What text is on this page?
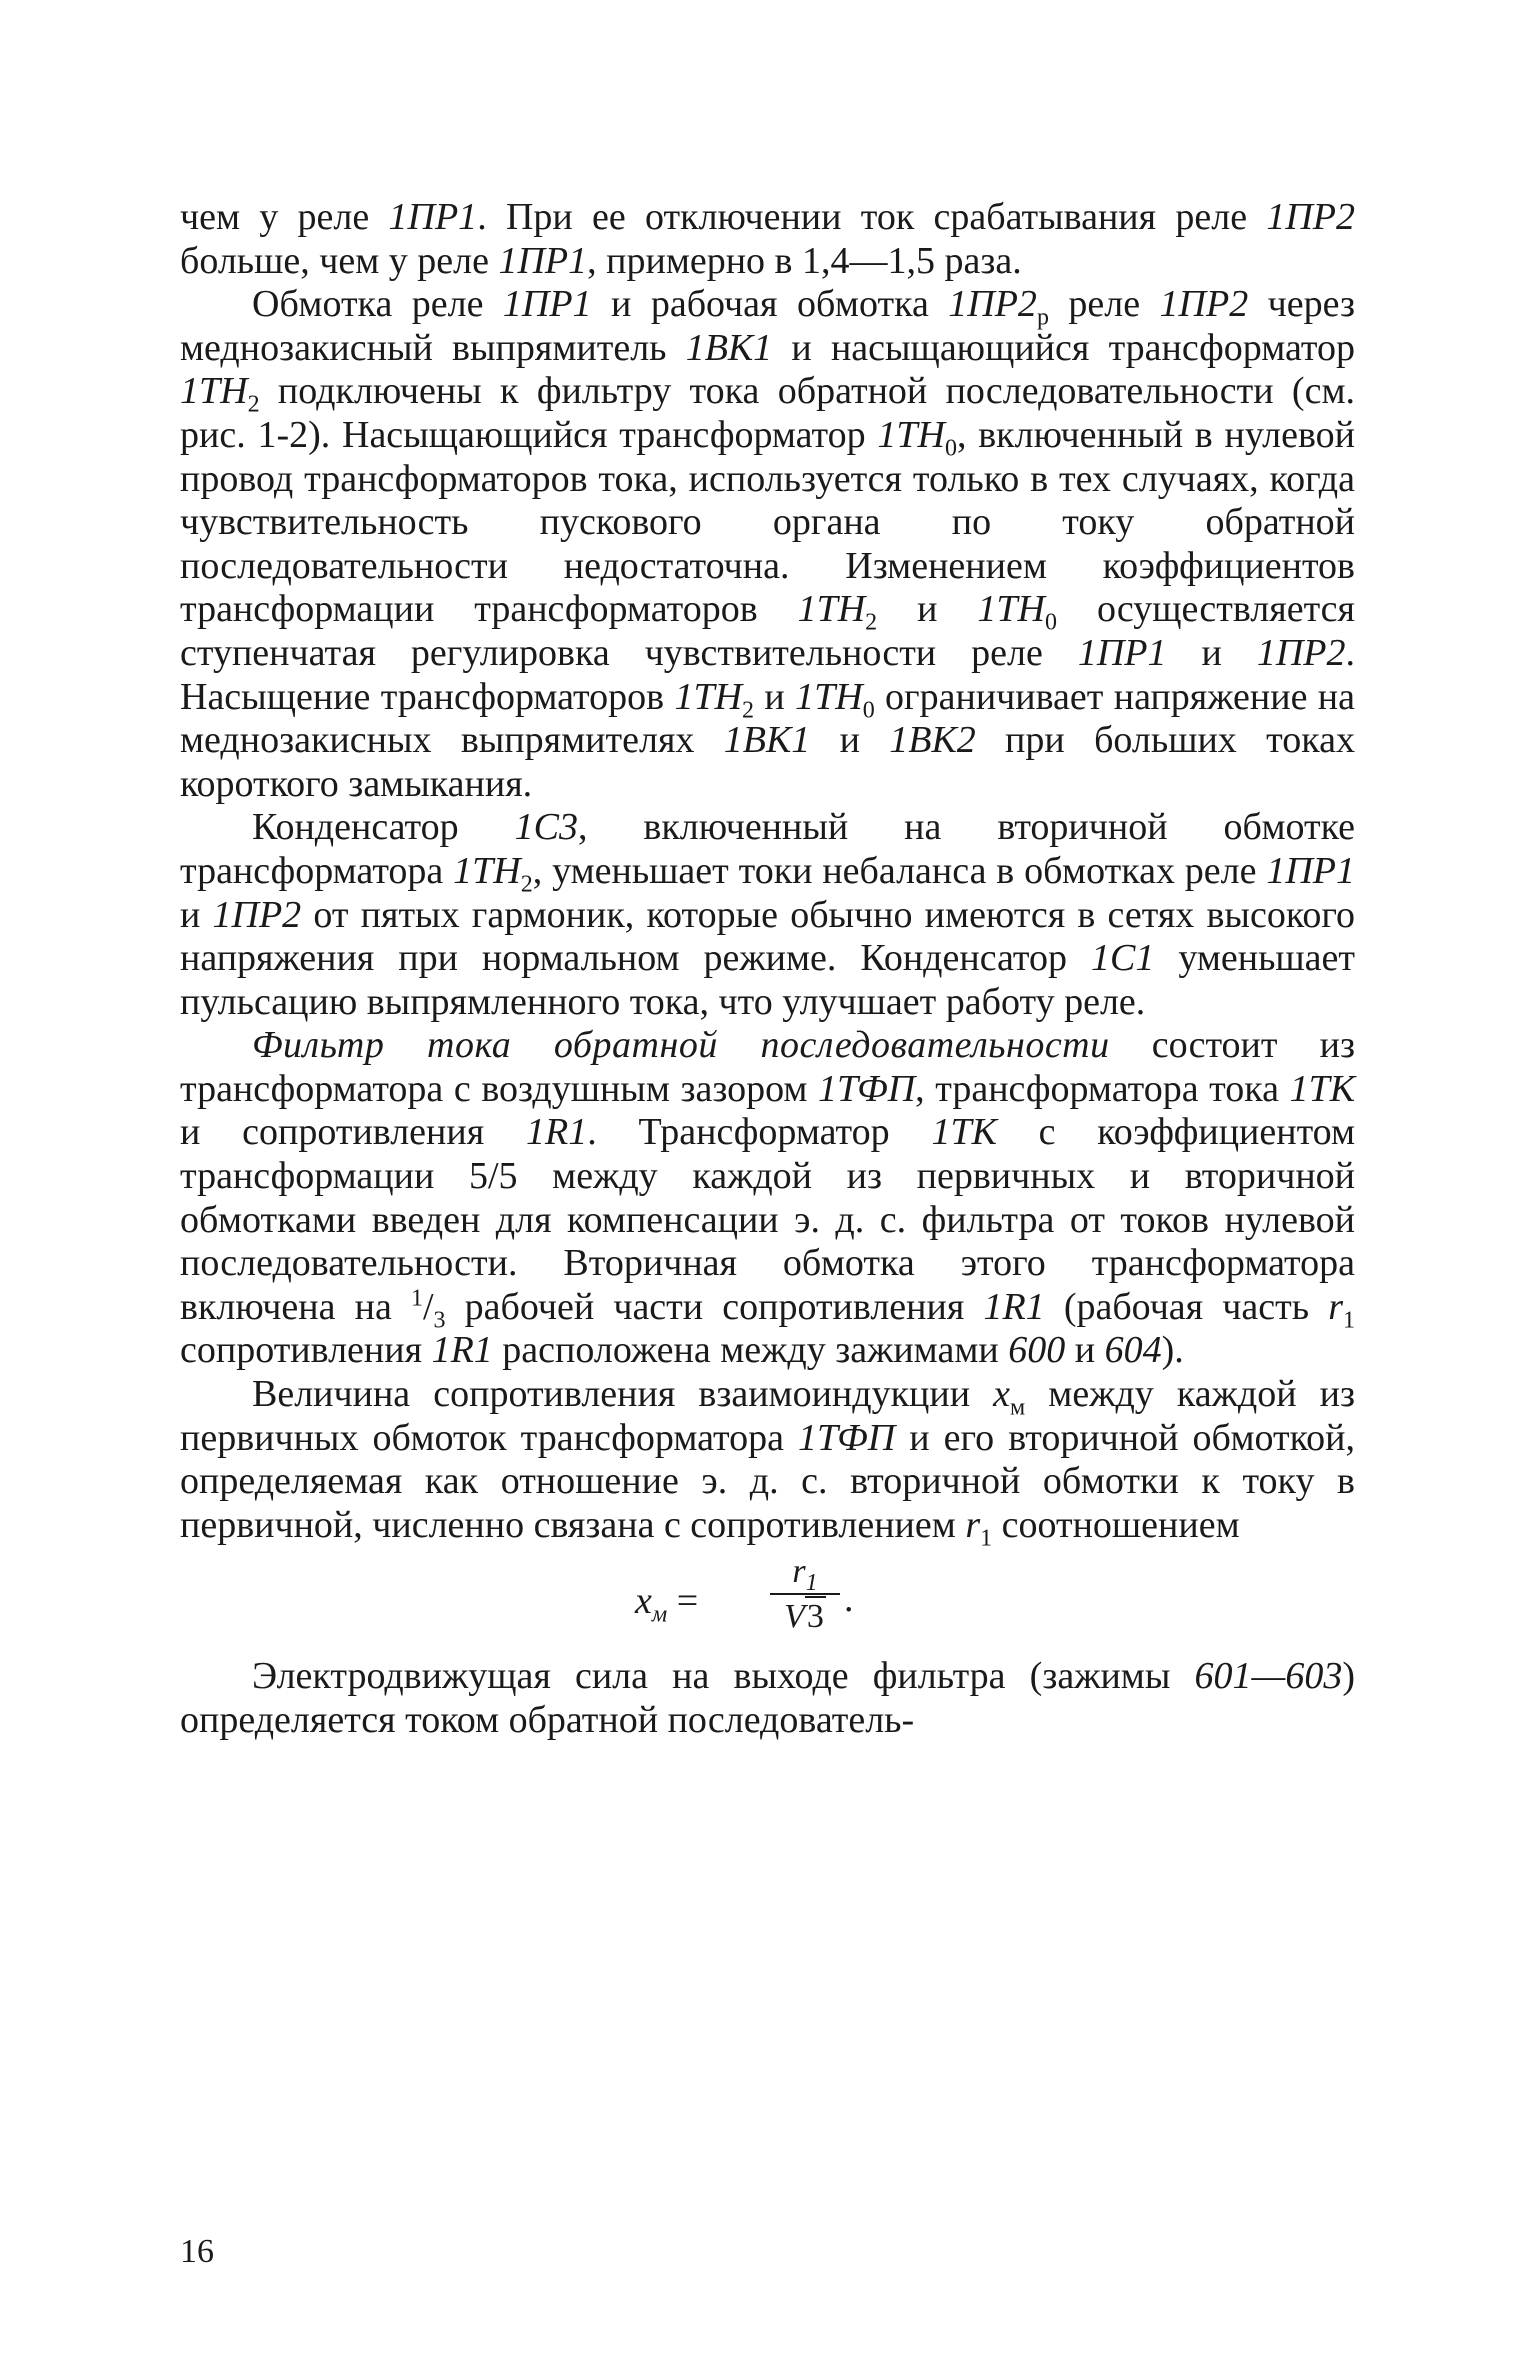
чем у реле 1ПР1. При ее отключении ток срабатывания реле 1ПР2 больше, чем у реле 1ПР1, примерно в 1,4—1,5 раза.

Обмотка реле 1ПР1 и рабочая обмотка $1ПР2_р$ реле 1ПР2 через меднозакисный выпрямитель 1ВК1 и насыщающийся трансформатор $1ТН_2$ подключены к фильтру тока обратной последовательности (см. рис. 1-2). Насыщающийся трансформатор $1ТН_0$, включенный в нулевой провод трансформаторов тока, используется только в тех случаях, когда чувствительность пускового органа по току обратной последовательности недостаточна. Изменением коэффициентов трансформации трансформаторов $1ТН_2$ и $1ТН_0$ осуществляется ступенчатая регулировка чувствительности реле 1ПР1 и 1ПР2. Насыщение трансформаторов $1ТН_2$ и $1ТН_0$ ограничивает напряжение на меднозакисных выпрямителях 1ВК1 и 1ВК2 при больших токах короткого замыкания.

Конденсатор 1С3, включенный на вторичной обмотке трансформатора $1ТН_2$, уменьшает токи небаланса в обмотках реле 1ПР1 и 1ПР2 от пятых гармоник, которые обычно имеются в сетях высокого напряжения при нормальном режиме. Конденсатор 1С1 уменьшает пульсацию выпрямленного тока, что улучшает работу реле.

Фильтр тока обратной последовательности состоит из трансформатора с воздушным зазором 1ТФП, трансформатора тока 1ТК и сопротивления 1R1. Трансформатор 1ТК с коэффициентом трансформации 5/5 между каждой из первичных и вторичной обмотками введен для компенсации э. д. с. фильтра от токов нулевой последовательности. Вторичная обмотка этого трансформатора включена на $^1/_3$ рабочей части сопротивления 1R1 (рабочая часть $r_1$ сопротивления 1R1 расположена между зажимами 600 и 604).

Величина сопротивления взаимоиндукции $x_м$ между каждой из первичных обмоток трансформатора 1ТФП и его вторичной обмоткой, определяемая как отношение э. д. с. вторичной обмотки к току в первичной, численно связана с сопротивлением $r_1$ соотношением

$x_м$ =
$r_1$
V3 .

Электродвижущая сила на выходе фильтра (зажимы 601—603) определяется током обратной последователь-

16
